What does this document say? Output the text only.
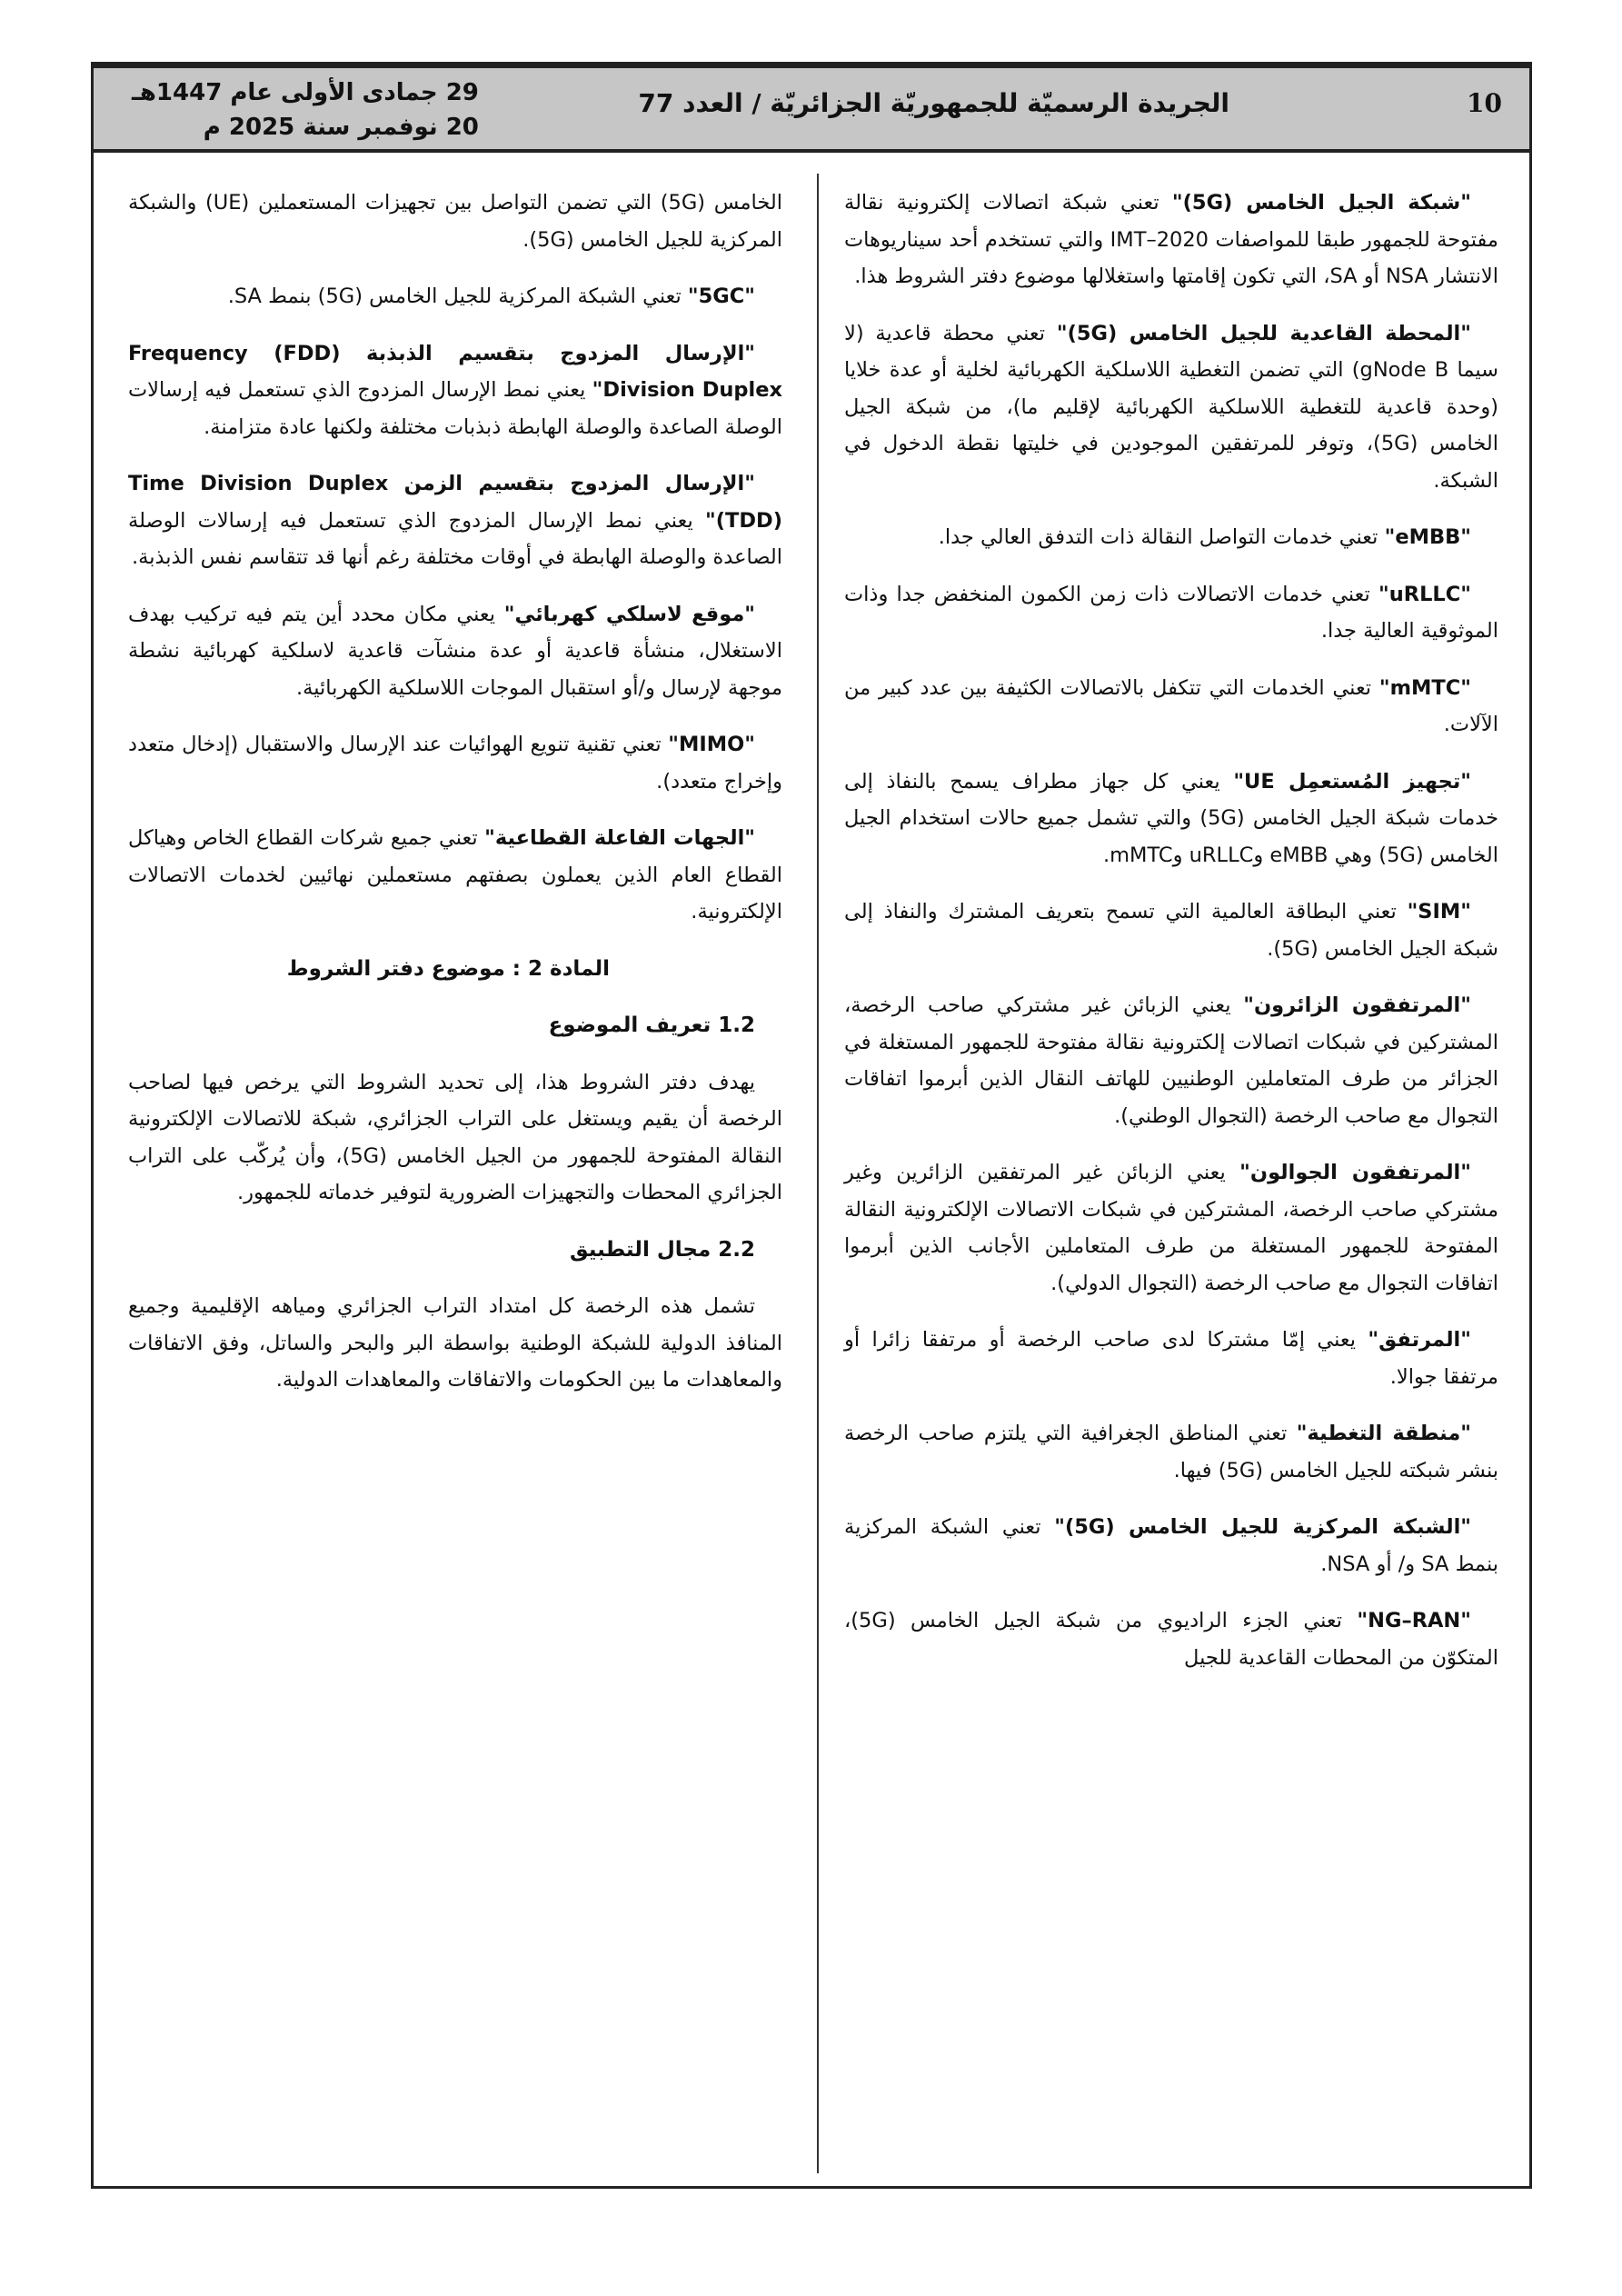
10
الجريدة الرسميّة للجمهوريّة الجزائريّة / العدد 77
29 جمادى الأولى عام 1447هـ
20 نوفمبر سنة 2025 م

"شبكة الجيل الخامس (5G)" تعني شبكة اتصالات إلكترونية نقالة مفتوحة للجمهور طبقا للمواصفات IMT–2020 والتي تستخدم أحد سيناريوهات الانتشار NSA أو SA، التي تكون إقامتها واستغلالها موضوع دفتر الشروط هذا.

"المحطة القاعدية للجيل الخامس (5G)" تعني محطة قاعدية (لا سيما gNode B) التي تضمن التغطية اللاسلكية الكهربائية لخلية أو عدة خلايا (وحدة قاعدية للتغطية اللاسلكية الكهربائية لإقليم ما)، من شبكة الجيل الخامس (5G)، وتوفر للمرتفقين الموجودين في خليتها نقطة الدخول في الشبكة.

"eMBB" تعني خدمات التواصل النقالة ذات التدفق العالي جدا.

"uRLLC" تعني خدمات الاتصالات ذات زمن الكمون المنخفض جدا وذات الموثوقية العالية جدا.

"mMTC" تعني الخدمات التي تتكفل بالاتصالات الكثيفة بين عدد كبير من الآلات.

"تجهيز المُستعمِل UE" يعني كل جهاز مطراف يسمح بالنفاذ إلى خدمات شبكة الجيل الخامس (5G) والتي تشمل جميع حالات استخدام الجيل الخامس (5G) وهي eMBB وuRLLC وmMTC.

"SIM" تعني البطاقة العالمية التي تسمح بتعريف المشترك والنفاذ إلى شبكة الجيل الخامس (5G).

"المرتفقون الزائرون" يعني الزبائن غير مشتركي صاحب الرخصة، المشتركين في شبكات اتصالات إلكترونية نقالة مفتوحة للجمهور المستغلة في الجزائر من طرف المتعاملين الوطنيين للهاتف النقال الذين أبرموا اتفاقات التجوال مع صاحب الرخصة (التجوال الوطني).

"المرتفقون الجوالون" يعني الزبائن غير المرتفقين الزائرين وغير مشتركي صاحب الرخصة، المشتركين في شبكات الاتصالات الإلكترونية النقالة المفتوحة للجمهور المستغلة من طرف المتعاملين الأجانب الذين أبرموا اتفاقات التجوال مع صاحب الرخصة (التجوال الدولي).

"المرتفق" يعني إمّا مشتركا لدى صاحب الرخصة أو مرتفقا زائرا أو مرتفقا جوالا.

"منطقة التغطية" تعني المناطق الجغرافية التي يلتزم صاحب الرخصة بنشر شبكته للجيل الخامس (5G) فيها.

"الشبكة المركزية للجيل الخامس (5G)" تعني الشبكة المركزية بنمط SA و/ أو NSA.

"NG–RAN" تعني الجزء الراديوي من شبكة الجيل الخامس (5G)، المتكوّن من المحطات القاعدية للجيل

الخامس (5G) التي تضمن التواصل بين تجهيزات المستعملين (UE) والشبكة المركزية للجيل الخامس (5G).

"5GC" تعني الشبكة المركزية للجيل الخامس (5G) بنمط SA.

"الإرسال المزدوج بتقسيم الذبذبة (FDD) Frequency Division Duplex" يعني نمط الإرسال المزدوج الذي تستعمل فيه إرسالات الوصلة الصاعدة والوصلة الهابطة ذبذبات مختلفة ولكنها عادة متزامنة.

"الإرسال المزدوج بتقسيم الزمن Time Division Duplex (TDD)" يعني نمط الإرسال المزدوج الذي تستعمل فيه إرسالات الوصلة الصاعدة والوصلة الهابطة في أوقات مختلفة رغم أنها قد تتقاسم نفس الذبذبة.

"موقع لاسلكي كهربائي" يعني مكان محدد أين يتم فيه تركيب بهدف الاستغلال، منشأة قاعدية أو عدة منشآت قاعدية لاسلكية كهربائية نشطة موجهة لإرسال و/أو استقبال الموجات اللاسلكية الكهربائية.

"MIMO" تعني تقنية تنويع الهوائيات عند الإرسال والاستقبال (إدخال متعدد وإخراج متعدد).

"الجهات الفاعلة القطاعية" تعني جميع شركات القطاع الخاص وهياكل القطاع العام الذين يعملون بصفتهم مستعملين نهائيين لخدمات الاتصالات الإلكترونية.

المادة 2 : موضوع دفتر الشروط
1.2 تعريف الموضوع

يهدف دفتر الشروط هذا، إلى تحديد الشروط التي يرخص فيها لصاحب الرخصة أن يقيم ويستغل على التراب الجزائري، شبكة للاتصالات الإلكترونية النقالة المفتوحة للجمهور من الجيل الخامس (5G)، وأن يُركّب على التراب الجزائري المحطات والتجهيزات الضرورية لتوفير خدماته للجمهور.

2.2 مجال التطبيق

تشمل هذه الرخصة كل امتداد التراب الجزائري ومياهه الإقليمية وجميع المنافذ الدولية للشبكة الوطنية بواسطة البر والبحر والساتل، وفق الاتفاقات والمعاهدات ما بين الحكومات والاتفاقات والمعاهدات الدولية.
